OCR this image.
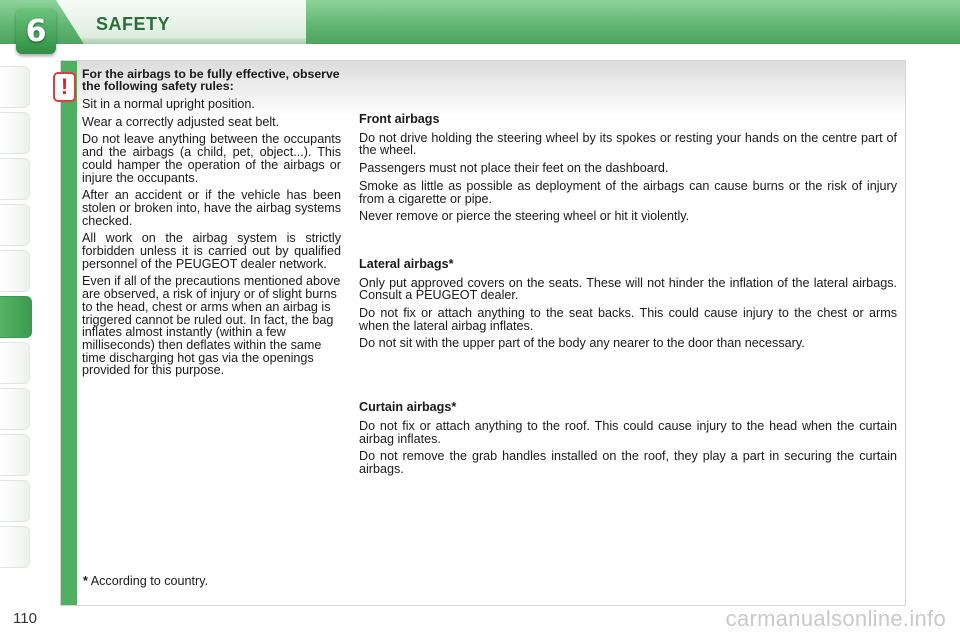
6	SAFETY
! For the airbags to be fully effective, observe the following safety rules:

Sit in a normal upright position.

Wear a correctly adjusted seat belt.

Do not leave anything between the occupants and the airbags (a child, pet, object...). This could hamper the operation of the airbags or injure the occupants.

After an accident or if the vehicle has been stolen or broken into, have the airbag systems checked.

All work on the airbag system is strictly forbidden unless it is carried out by qualified personnel of the PEUGEOT dealer network.

Even if all of the precautions mentioned above are observed, a risk of injury or of slight burns to the head, chest or arms when an airbag is triggered cannot be ruled out. In fact, the bag inflates almost instantly (within a few milliseconds) then deflates within the same time discharging hot gas via the openings provided for this purpose.

Front airbags

Do not drive holding the steering wheel by its spokes or resting your hands on the centre part of the wheel.

Passengers must not place their feet on the dashboard.

Smoke as little as possible as deployment of the airbags can cause burns or the risk of injury from a cigarette or pipe.

Never remove or pierce the steering wheel or hit it violently.

Lateral airbags*

Only put approved covers on the seats. These will not hinder the inflation of the lateral airbags. Consult a PEUGEOT dealer.

Do not fix or attach anything to the seat backs. This could cause injury to the chest or arms when the lateral airbag inflates.

Do not sit with the upper part of the body any nearer to the door than necessary.

Curtain airbags*

Do not fix or attach anything to the roof. This could cause injury to the head when the curtain airbag inflates.

Do not remove the grab handles installed on the roof, they play a part in securing the curtain airbags.

* According to country.
110	carmanualsonline.info
